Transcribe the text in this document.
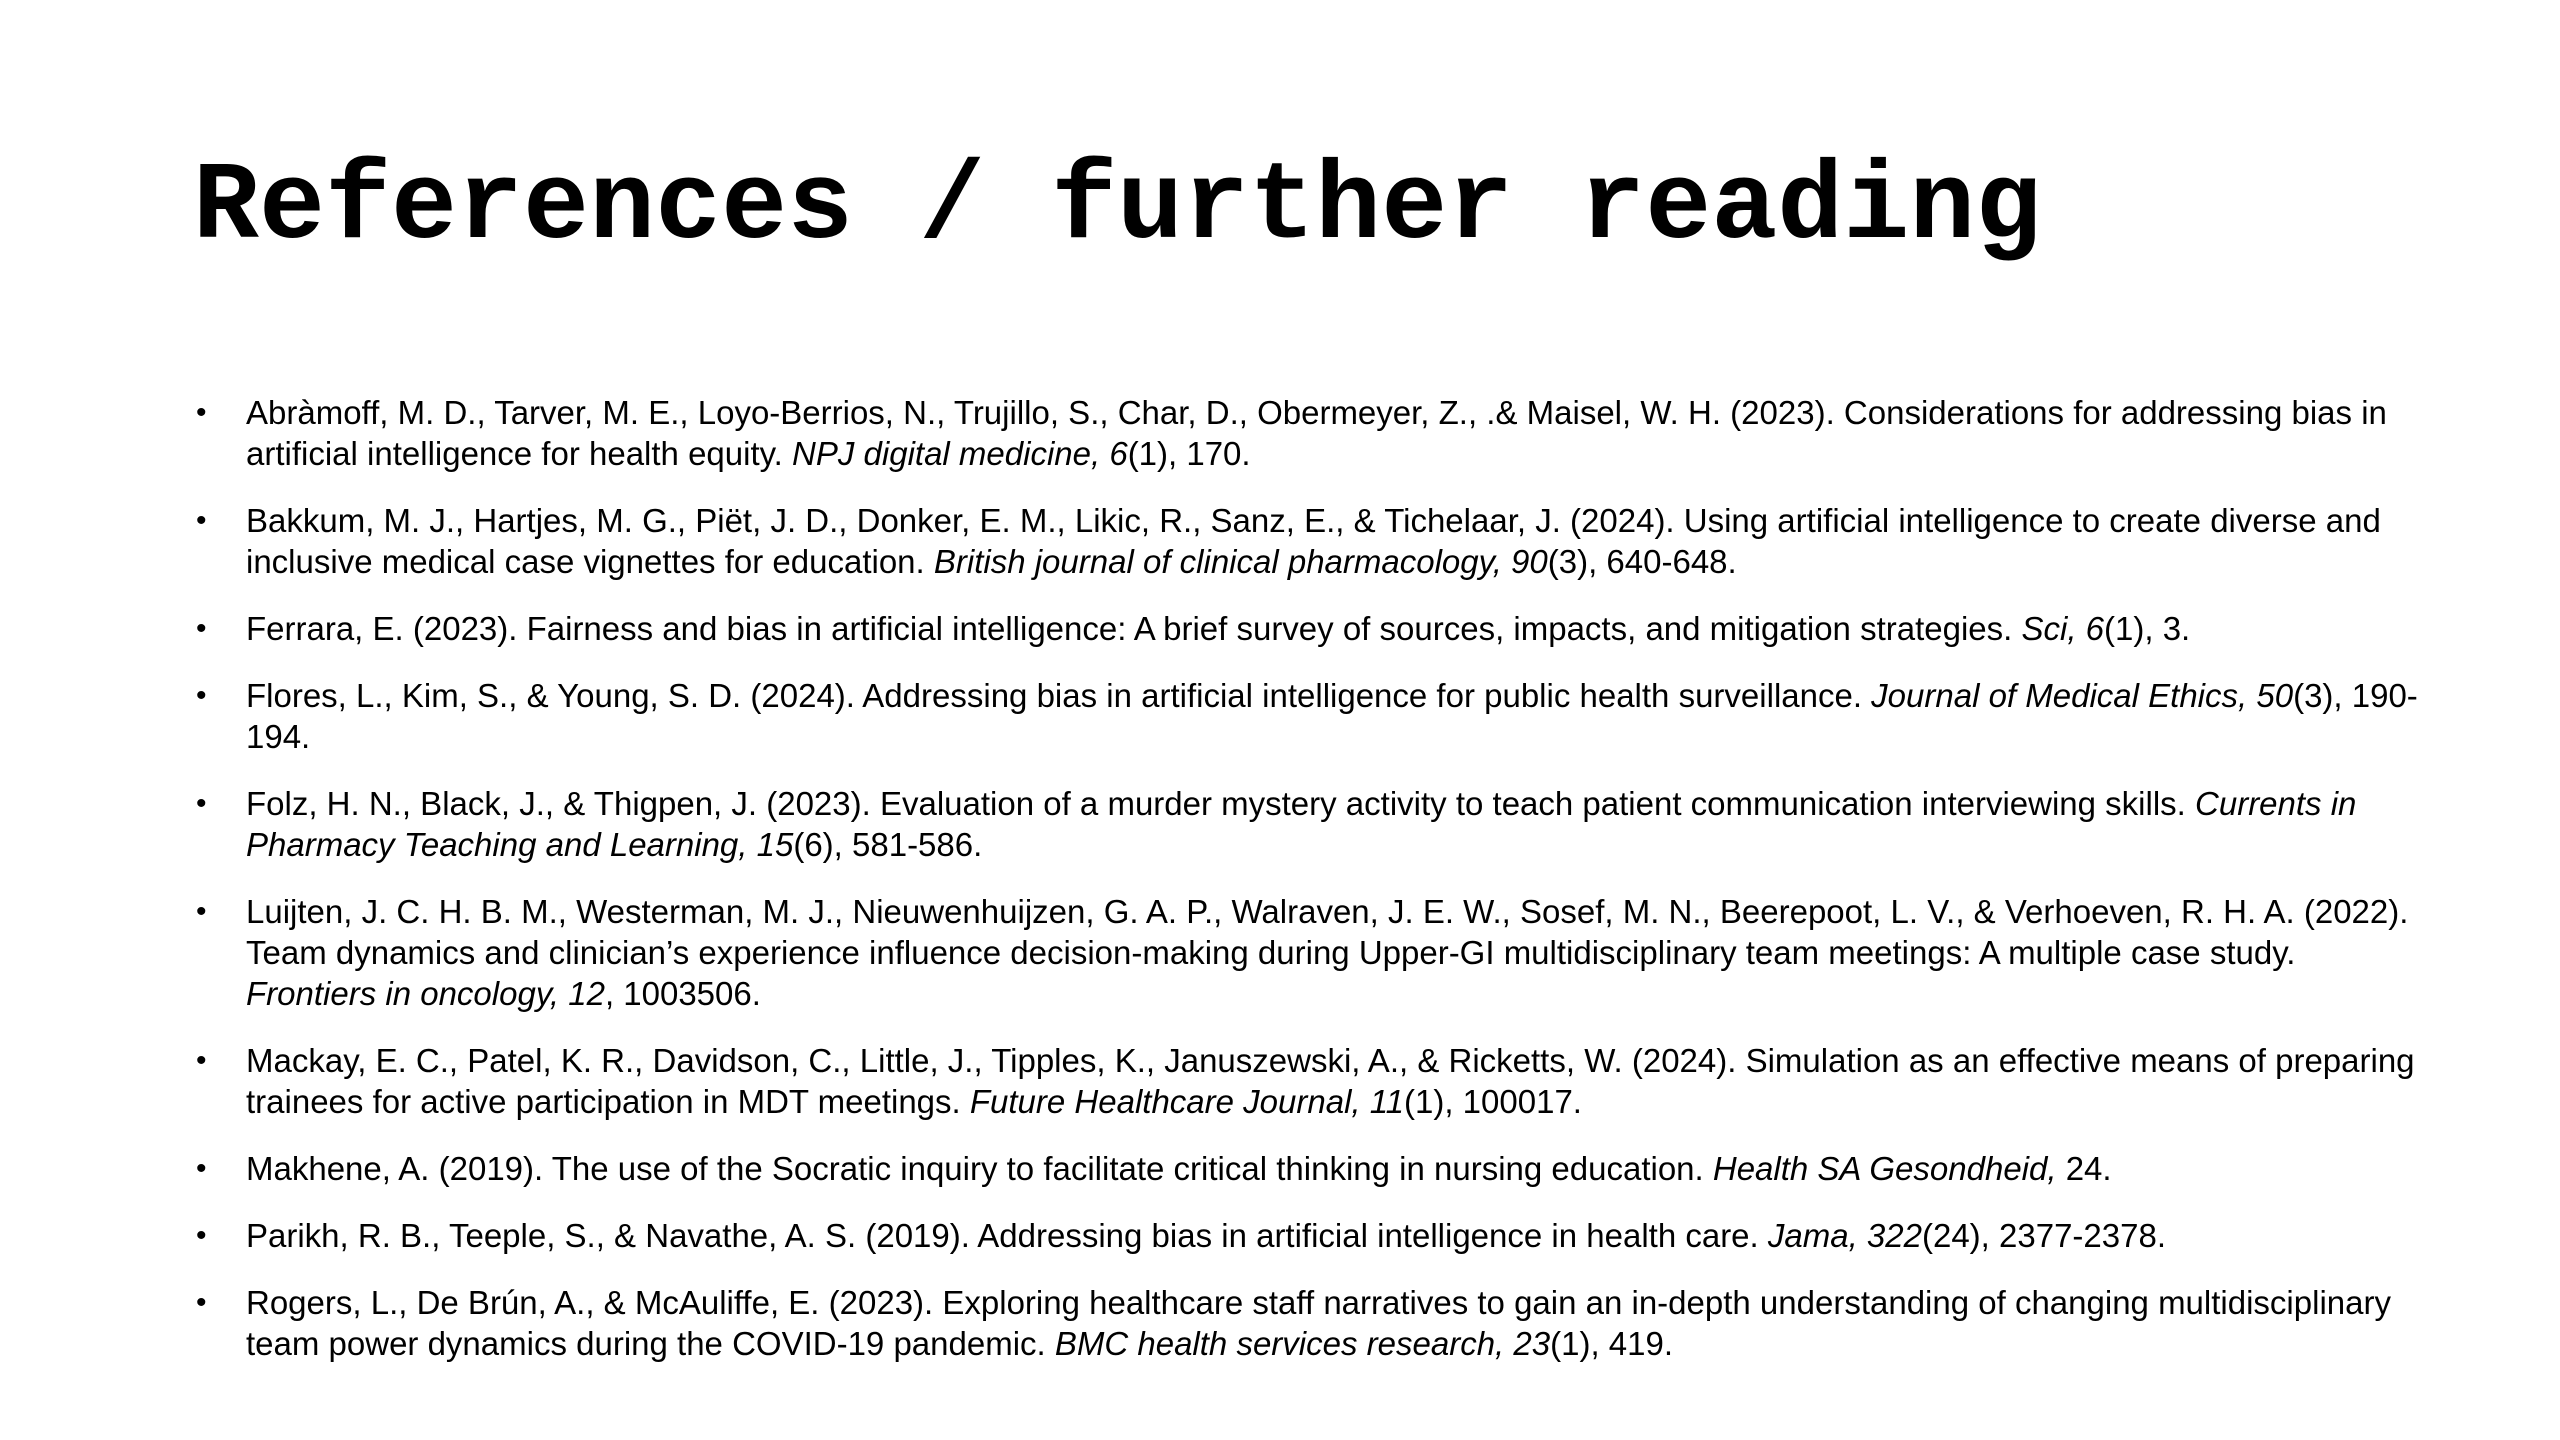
References / further reading
• Abràmoff, M. D., Tarver, M. E., Loyo-Berrios, N., Trujillo, S., Char, D., Obermeyer, Z., .& Maisel, W. H. (2023). Considerations for addressing bias in artificial intelligence for health equity. NPJ digital medicine, 6(1), 170.
• Bakkum, M. J., Hartjes, M. G., Piët, J. D., Donker, E. M., Likic, R., Sanz, E., & Tichelaar, J. (2024). Using artificial intelligence to create diverse and inclusive medical case vignettes for education. British journal of clinical pharmacology, 90(3), 640-648.
• Ferrara, E. (2023). Fairness and bias in artificial intelligence: A brief survey of sources, impacts, and mitigation strategies. Sci, 6(1), 3.
• Flores, L., Kim, S., & Young, S. D. (2024). Addressing bias in artificial intelligence for public health surveillance. Journal of Medical Ethics, 50(3), 190-194.
• Folz, H. N., Black, J., & Thigpen, J. (2023). Evaluation of a murder mystery activity to teach patient communication interviewing skills. Currents in Pharmacy Teaching and Learning, 15(6), 581-586.
• Luijten, J. C. H. B. M., Westerman, M. J., Nieuwenhuijzen, G. A. P., Walraven, J. E. W., Sosef, M. N., Beerepoot, L. V., & Verhoeven, R. H. A. (2022). Team dynamics and clinician’s experience influence decision-making during Upper-GI multidisciplinary team meetings: A multiple case study. Frontiers in oncology, 12, 1003506.
• Mackay, E. C., Patel, K. R., Davidson, C., Little, J., Tipples, K., Januszewski, A., & Ricketts, W. (2024). Simulation as an effective means of preparing trainees for active participation in MDT meetings. Future Healthcare Journal, 11(1), 100017.
• Makhene, A. (2019). The use of the Socratic inquiry to facilitate critical thinking in nursing education. Health SA Gesondheid, 24.
• Parikh, R. B., Teeple, S., & Navathe, A. S. (2019). Addressing bias in artificial intelligence in health care. Jama, 322(24), 2377-2378.
• Rogers, L., De Brún, A., & McAuliffe, E. (2023). Exploring healthcare staff narratives to gain an in-depth understanding of changing multidisciplinary team power dynamics during the COVID-19 pandemic. BMC health services research, 23(1), 419.
